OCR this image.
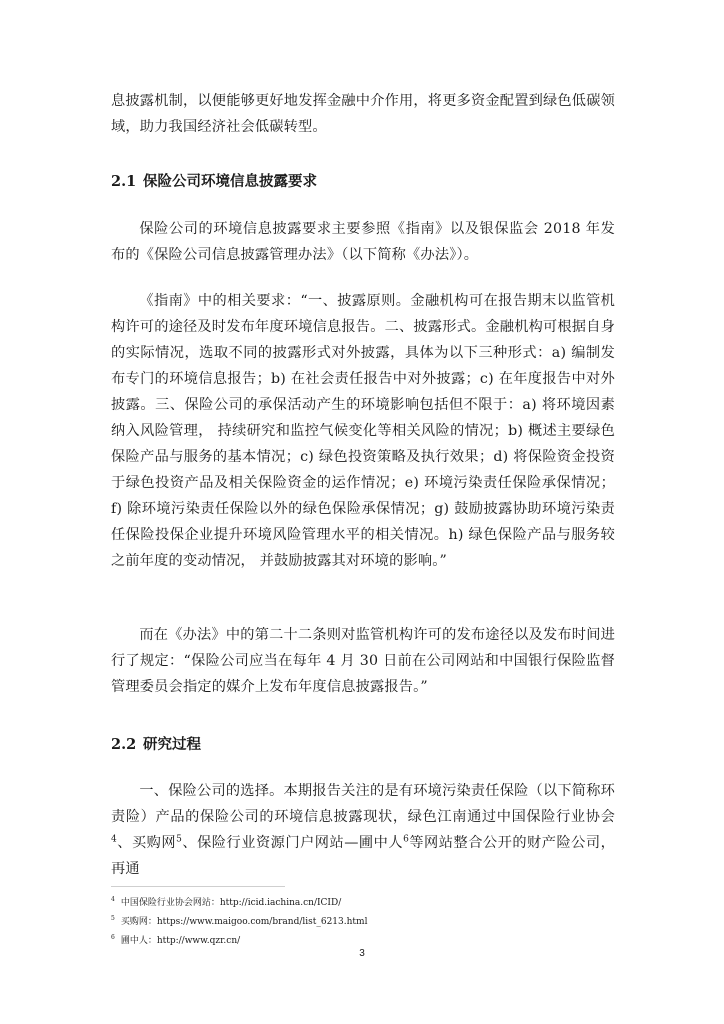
息披露机制，以便能够更好地发挥金融中介作用，将更多资金配置到绿色低碳领域，助力我国经济社会低碳转型。

2.1 保险公司环境信息披露要求

保险公司的环境信息披露要求主要参照《指南》以及银保监会 2018 年发布的《保险公司信息披露管理办法》（以下简称《办法》）。

《指南》中的相关要求：“一、披露原则。金融机构可在报告期末以监管机构许可的途径及时发布年度环境信息报告。二、披露形式。金融机构可根据自身的实际情况，选取不同的披露形式对外披露，具体为以下三种形式：a) 编制发布专门的环境信息报告；b) 在社会责任报告中对外披露；c) 在年度报告中对外披露。三、保险公司的承保活动产生的环境影响包括但不限于：a) 将环境因素纳入风险管理， 持续研究和监控气候变化等相关风险的情况；b) 概述主要绿色保险产品与服务的基本情况；c) 绿色投资策略及执行效果；d) 将保险资金投资于绿色投资产品及相关保险资金的运作情况；e) 环境污染责任保险承保情况；f) 除环境污染责任保险以外的绿色保险承保情况；g) 鼓励披露协助环境污染责任保险投保企业提升环境风险管理水平的相关情况。h) 绿色保险产品与服务较之前年度的变动情况， 并鼓励披露其对环境的影响。”

而在《办法》中的第二十二条则对监管机构许可的发布途径以及发布时间进行了规定：“保险公司应当在每年 4 月 30 日前在公司网站和中国银行保险监督管理委员会指定的媒介上发布年度信息披露报告。”

2.2 研究过程

一、保险公司的选择。本期报告关注的是有环境污染责任保险（以下简称环责险）产品的保险公司的环境信息披露现状，绿色江南通过中国保险行业协会$^4$、买购网$^5$、保险行业资源门户网站—圃中人$^6$等网站整合公开的财产险公司，再通

$^4$ 中国保险行业协会网站：http://icid.iachina.cn/ICID/
$^5$ 买购网：https://www.maigoo.com/brand/list_6213.html
$^6$ 圃中人：http://www.qzr.cn/
3
